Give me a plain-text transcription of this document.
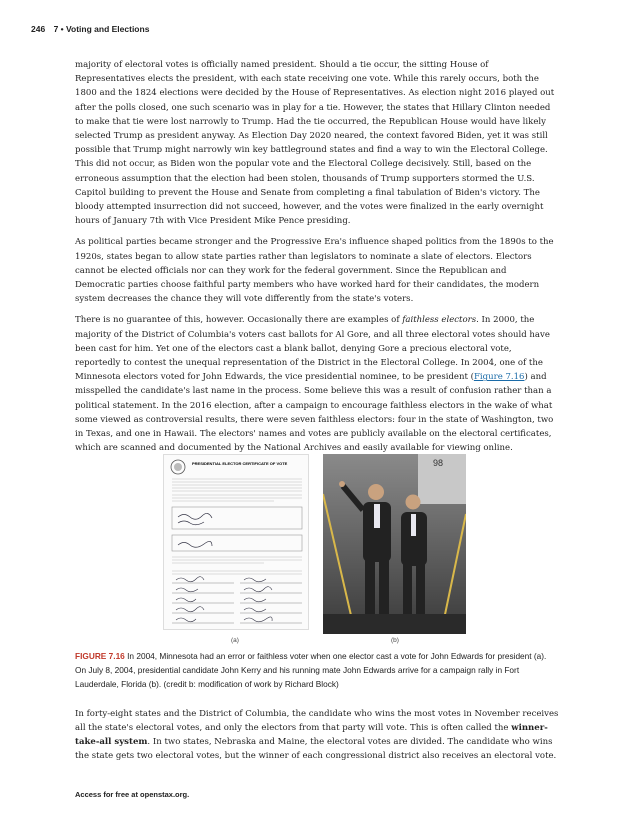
246 7 • Voting and Elections

majority of electoral votes is officially named president. Should a tie occur, the sitting House of Representatives elects the president, with each state receiving one vote. While this rarely occurs, both the 1800 and the 1824 elections were decided by the House of Representatives. As election night 2016 played out after the polls closed, one such scenario was in play for a tie. However, the states that Hillary Clinton needed to make that tie were lost narrowly to Trump. Had the tie occurred, the Republican House would have likely selected Trump as president anyway. As Election Day 2020 neared, the context favored Biden, yet it was still possible that Trump might narrowly win key battleground states and find a way to win the Electoral College. This did not occur, as Biden won the popular vote and the Electoral College decisively. Still, based on the erroneous assumption that the election had been stolen, thousands of Trump supporters stormed the U.S. Capitol building to prevent the House and Senate from completing a final tabulation of Biden's victory. The bloody attempted insurrection did not succeed, however, and the votes were finalized in the early overnight hours of January 7th with Vice President Mike Pence presiding.

As political parties became stronger and the Progressive Era's influence shaped politics from the 1890s to the 1920s, states began to allow state parties rather than legislators to nominate a slate of electors. Electors cannot be elected officials nor can they work for the federal government. Since the Republican and Democratic parties choose faithful party members who have worked hard for their candidates, the modern system decreases the chance they will vote differently from the state's voters.

There is no guarantee of this, however. Occasionally there are examples of faithless electors. In 2000, the majority of the District of Columbia's voters cast ballots for Al Gore, and all three electoral votes should have been cast for him. Yet one of the electors cast a blank ballot, denying Gore a precious electoral vote, reportedly to contest the unequal representation of the District in the Electoral College. In 2004, one of the Minnesota electors voted for John Edwards, the vice presidential nominee, to be president (Figure 7.16) and misspelled the candidate's last name in the process. Some believe this was a result of confusion rather than a political statement. In the 2016 election, after a campaign to encourage faithless electors in the wake of what some viewed as controversial results, there were seven faithless electors: four in the state of Washington, two in Texas, and one in Hawaii. The electors' names and votes are publicly available on the electoral certificates, which are scanned and documented by the National Archives and easily available for viewing online.

PRESIDENTIAL ELECTOR CERTIFICATE OF VOTE	98
(a)	(b)
FIGURE 7.16 In 2004, Minnesota had an error or faithless voter when one elector cast a vote for John Edwards for president (a). On July 8, 2004, presidential candidate John Kerry and his running mate John Edwards arrive for a campaign rally in Fort Lauderdale, Florida (b). (credit b: modification of work by Richard Block)

In forty-eight states and the District of Columbia, the candidate who wins the most votes in November receives all the state's electoral votes, and only the electors from that party will vote. This is often called the winner-take-all system. In two states, Nebraska and Maine, the electoral votes are divided. The candidate who wins the state gets two electoral votes, but the winner of each congressional district also receives an electoral vote.

Access for free at openstax.org.
